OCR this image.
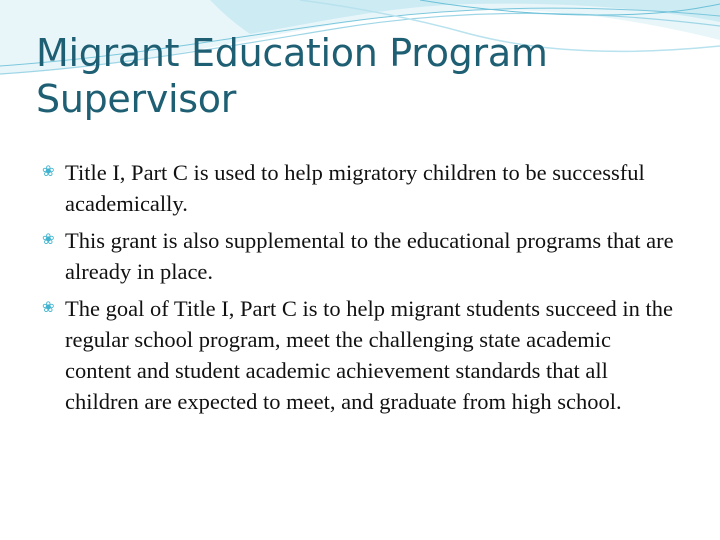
Migrant Education Program Supervisor
❀ Title I, Part C is used to help migratory children to be successful academically.
❀ This grant is also supplemental to the educational programs that are already in place.
❀ The goal of Title I, Part C is to help migrant students succeed in the regular school program, meet the challenging state academic content and student academic achievement standards that all children are expected to meet, and graduate from high school.
